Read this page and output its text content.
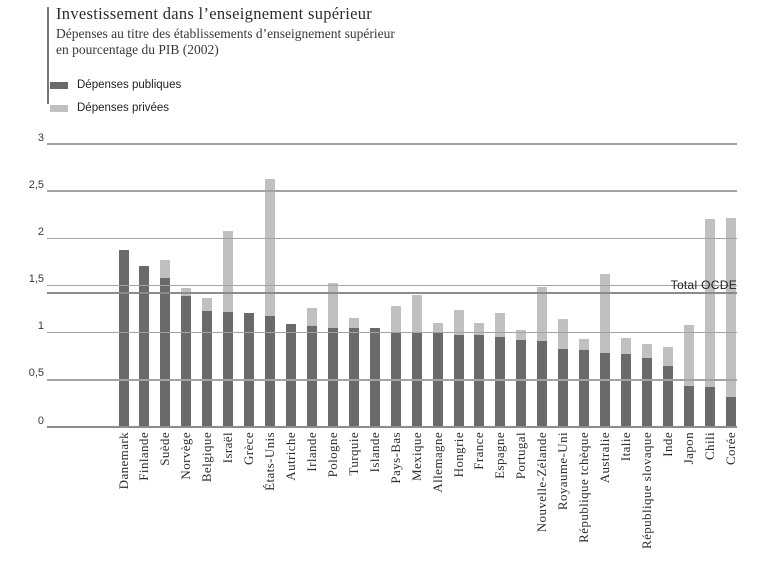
Investissement dans l’enseignement supérieur

Dépenses au titre des établissements d’enseignement supérieur

en pourcentage du PIB (2002)

Dépenses publiques
Dépenses privées
0
0,5
1
1,5
2
2,5
3
Danemark Finlande Suède Norvège Belgique Israël Grèce États-Unis Autriche Irlande Pologne Turquie Islande Pays-Bas Mexique Allemagne Hongrie France Espagne Portugal Nouvelle-Zélande Royaume-Uni République tchèque Australie Italie République slovaque Inde Japon Chili Corée
Total OCDE
